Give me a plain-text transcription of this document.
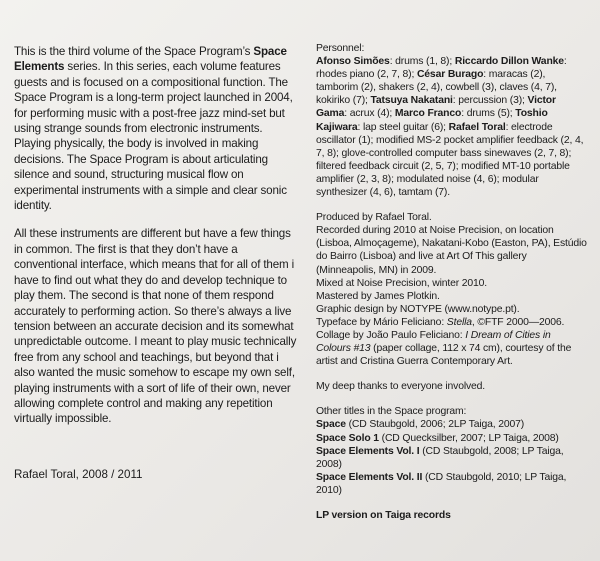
This is the third volume of the Space Program’s Space Elements series. In this series, each volume features guests and is focused on a compositional function. The Space Program is a long-term project launched in 2004, for performing music with a post-free jazz mind-set but using strange sounds from electronic instruments. Playing physically, the body is involved in making decisions. The Space Program is about articulating silence and sound, structuring musical flow on experimental instruments with a simple and clear sonic identity.

All these instruments are different but have a few things in common. The first is that they don’t have a conventional interface, which means that for all of them i have to find out what they do and develop technique to play them. The second is that none of them respond accurately to performing action. So there’s always a live tension between an accurate decision and its somewhat unpredictable outcome. I meant to play music technically free from any school and teachings, but beyond that i also wanted the music somehow to escape my own self, playing instruments with a sort of life of their own, never allowing complete control and making any repetition virtually impossible.

Rafael Toral, 2008 / 2011
Personnel:
Afonso Simões: drums (1, 8); Riccardo Dillon Wanke: rhodes piano (2, 7, 8); César Burago: maracas (2), tamborim (2), shakers (2, 4), cowbell (3), claves (4, 7), kokiriko (7); Tatsuya Nakatani: percussion (3); Victor Gama: acrux (4); Marco Franco: drums (5); Toshio Kajiwara: lap steel guitar (6); Rafael Toral: electrode oscillator (1); modified MS-2 pocket amplifier feedback (2, 4, 7, 8); glove-controlled computer bass sinewaves (2, 7, 8); filtered feedback circuit (2, 5, 7); modified MT-10 portable amplifier (2, 3, 8); modulated noise (4, 6); modular synthesizer (4, 6), tamtam (7).
Produced by Rafael Toral.
Recorded during 2010 at Noise Precision, on location (Lisboa, Almoçageme), Nakatani-Kobo (Easton, PA), Estúdio do Bairro (Lisboa) and live at Art Of This gallery (Minneapolis, MN) in 2009.
Mixed at Noise Precision, winter 2010.
Mastered by James Plotkin.
Graphic design by NOTYPE (www.notype.pt).
Typeface by Mário Feliciano: Stella, ©FTF 2000—2006.
Collage by João Paulo Feliciano: I Dream of Cities in Colours #13 (paper collage, 112 x 74 cm), courtesy of the artist and Cristina Guerra Contemporary Art.

My deep thanks to everyone involved.

Other titles in the Space program:
Space (CD Staubgold, 2006; 2LP Taiga, 2007)
Space Solo 1 (CD Quecksilber, 2007; LP Taiga, 2008)
Space Elements Vol. I (CD Staubgold, 2008; LP Taiga, 2008)
Space Elements Vol. II (CD Staubgold, 2010; LP Taiga, 2010)

LP version on Taiga records
